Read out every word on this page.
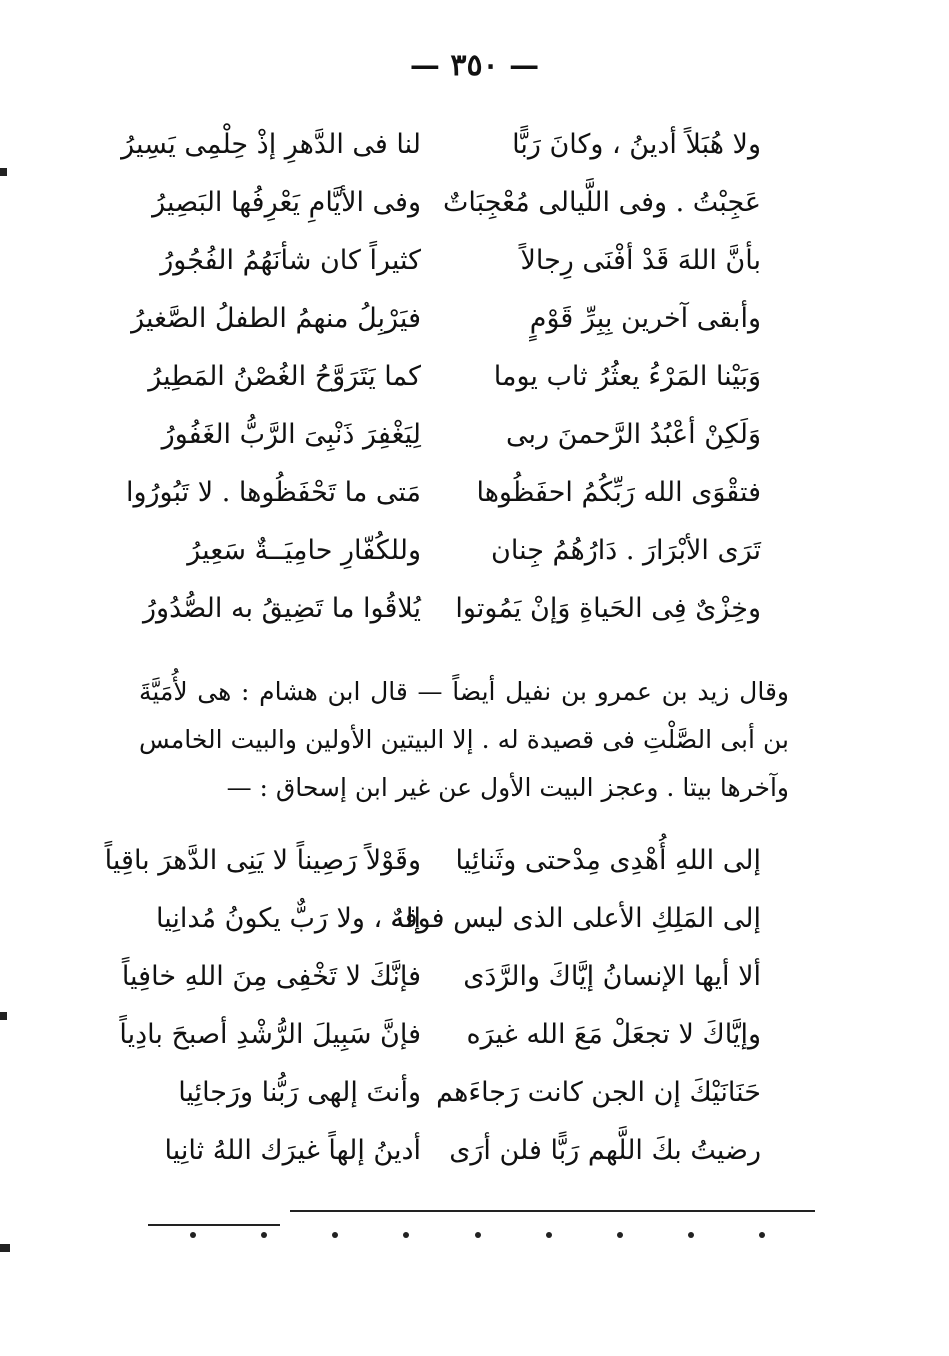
— ٣٥٠ —
ولا هُبَلاً أدينُ ، وكانَ رَبًّا
لنا فى الدَّهرِ إذْ حِلْمِى يَسِيرُ
عَجِبْتُ . وفى اللَّيالى مُعْجِبَاتٌ
وفى الأيَّامِ يَعْرِفُها البَصِيرُ
بأنَّ اللهَ قَدْ أفْنَى رِجالاً
كثيراً كان شأنَهُمُ الفُجُورُ
وأبقى آخرين بِبِرِّ قَوْمٍ
فيَرْبِلُ منهمُ الطفلُ الصَّغيرُ
وَبَيْنا المَرْءُ يعثُرُ ثاب يوما
كما يَتَرَوَّحُ الغُصْنُ المَطِيرُ
وَلَكِنْ أعْبُدُ الرَّحمنَ ربى
لِيَغْفِرَ ذَنْبِىَ الرَّبُّ الغَفُورُ
فتقْوَى الله رَبِّكُمُ احفَظُوها
مَتى ما تَحْفَظُوها . لا تَبُورُوا
تَرَى الأبْرَارَ . دَارُهُمُ جِنان
وللكُفّارِ حامِيَــةٌ سَعِيرُ
وخِزْىٌ فِى الحَياةِ وَإنْ يَمُوتوا
يُلاقُوا ما تَضِيقُ به الصُّدُورُ

وقال زيد بن عمرو بن نفيل أيضاً — قال ابن هشام : هى لأُمَيَّةَ بن أبى الصَّلْتِ فى قصيدة له . إلا البيتين الأولين والبيت الخامس وآخرها بيتا . وعجز البيت الأول عن غير ابن إسحاق : —

إلى اللهِ أُهْدِى مِدْحتى وثَنائِيا
وقَوْلاً رَصِيناً لا يَنِى الدَّهرَ باقِياً
إلى المَلِكِ الأعلى الذى ليس فوقه
إلهٌ ، ولا رَبٌّ يكونُ مُدانِيا
ألا أيها الإنسانُ إيَّاكَ والرَّدَى
فإنَّكَ لا تَخْفِى مِنَ اللهِ خافِياً
وإيَّاكَ لا تجعَلْ مَعَ الله غيرَه
فإنَّ سَبِيلَ الرُّشْدِ أصبحَ بادِياً
حَنَانَيْكَ إن الجن كانت رَجاءَهم
وأنتَ إلهى رَبُّنا ورَجائِيا
رضيتُ بكَ اللَّهم رَبًّا فلن أرَى
أدينُ إلهاً غيرَك اللهُ ثانِيا
